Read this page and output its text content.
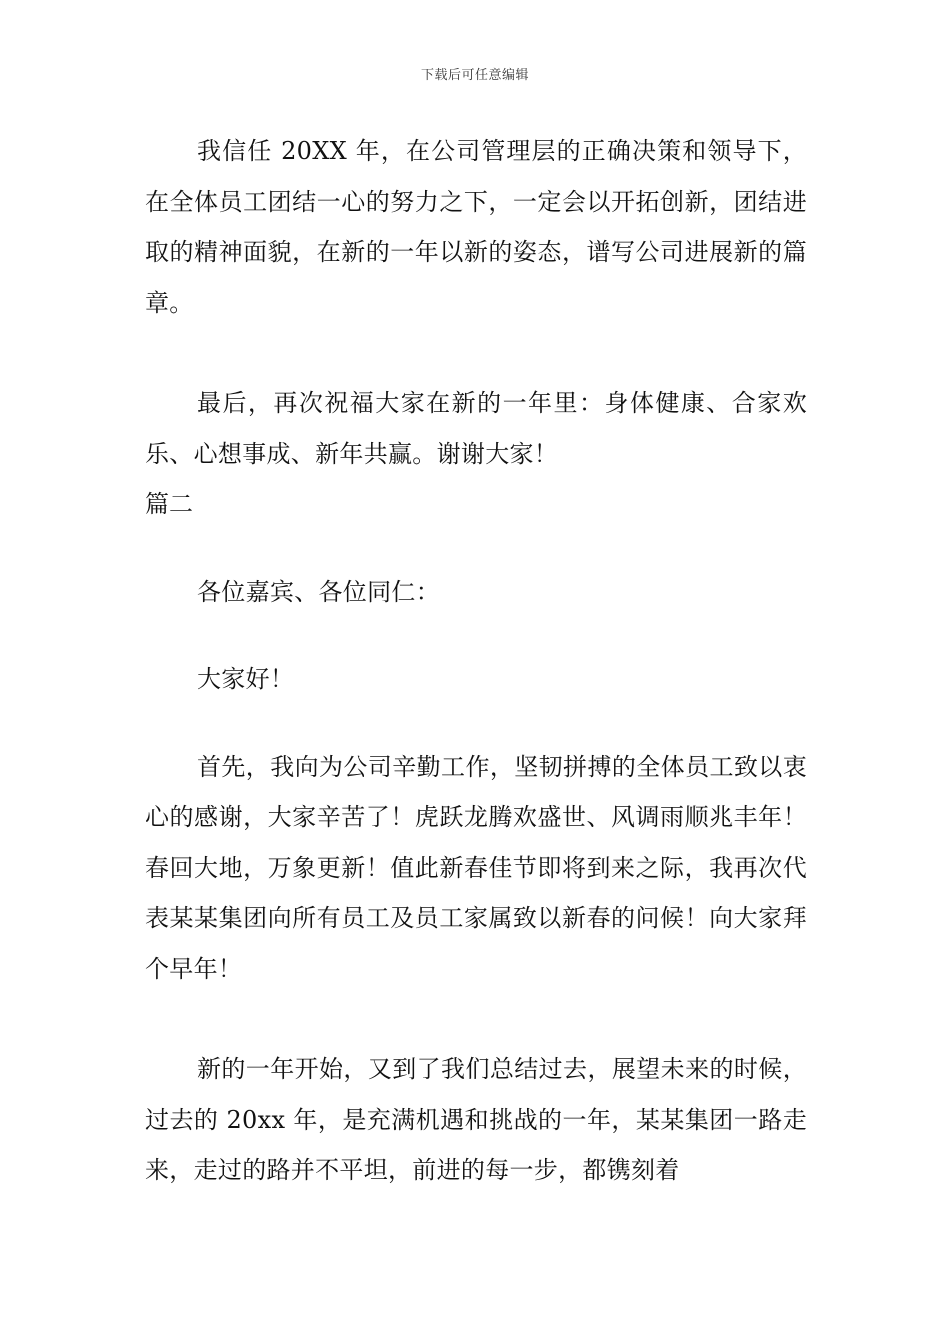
下载后可任意编辑

我信任 20XX 年，在公司管理层的正确决策和领导下，在全体员工团结一心的努力之下，一定会以开拓创新，团结进取的精神面貌，在新的一年以新的姿态，谱写公司进展新的篇章。

最后，再次祝福大家在新的一年里：身体健康、合家欢乐、心想事成、新年共赢。谢谢大家！

篇二

各位嘉宾、各位同仁：

大家好！

首先，我向为公司辛勤工作，坚韧拼搏的全体员工致以衷心的感谢，大家辛苦了！虎跃龙腾欢盛世、风调雨顺兆丰年！春回大地，万象更新！值此新春佳节即将到来之际，我再次代表某某集团向所有员工及员工家属致以新春的问候！向大家拜个早年！

新的一年开始，又到了我们总结过去，展望未来的时候，过去的 20xx 年，是充满机遇和挑战的一年，某某集团一路走来，走过的路并不平坦，前进的每一步，都镌刻着
